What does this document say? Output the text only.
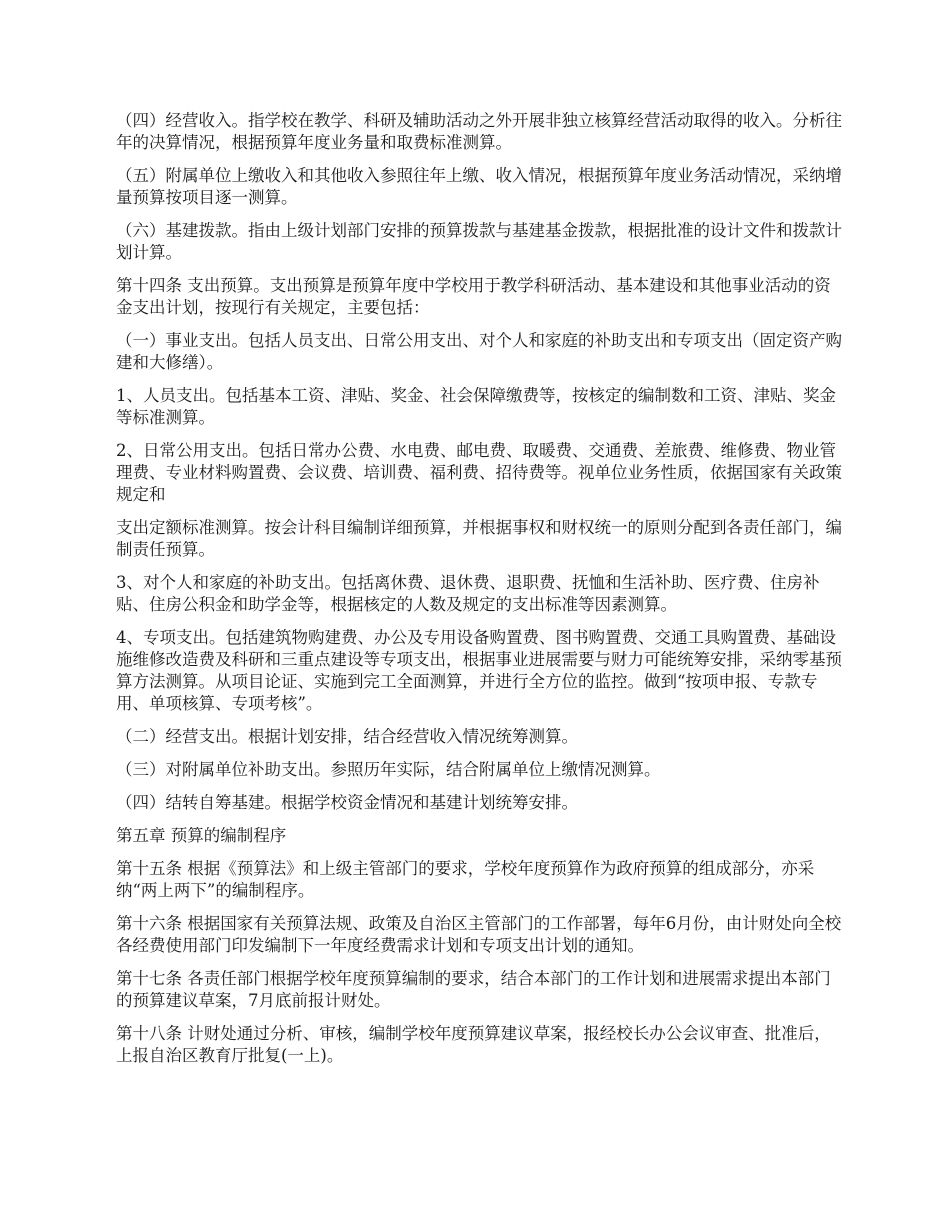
（四）经营收入。指学校在教学、科研及辅助活动之外开展非独立核算经营活动取得的收入。分析往年的决算情况，根据预算年度业务量和取费标准测算。

（五）附属单位上缴收入和其他收入参照往年上缴、收入情况，根据预算年度业务活动情况，采纳增量预算按项目逐一测算。

（六）基建拨款。指由上级计划部门安排的预算拨款与基建基金拨款，根据批准的设计文件和拨款计划计算。

第十四条 支出预算。支出预算是预算年度中学校用于教学科研活动、基本建设和其他事业活动的资金支出计划，按现行有关规定，主要包括：

（一）事业支出。包括人员支出、日常公用支出、对个人和家庭的补助支出和专项支出（固定资产购建和大修缮）。

1、人员支出。包括基本工资、津贴、奖金、社会保障缴费等，按核定的编制数和工资、津贴、奖金等标准测算。

2、日常公用支出。包括日常办公费、水电费、邮电费、取暖费、交通费、差旅费、维修费、物业管理费、专业材料购置费、会议费、培训费、福利费、招待费等。视单位业务性质，依据国家有关政策规定和

支出定额标准测算。按会计科目编制详细预算，并根据事权和财权统一的原则分配到各责任部门，编制责任预算。

3、对个人和家庭的补助支出。包括离休费、退休费、退职费、抚恤和生活补助、医疗费、住房补贴、住房公积金和助学金等，根据核定的人数及规定的支出标准等因素测算。

4、专项支出。包括建筑物购建费、办公及专用设备购置费、图书购置费、交通工具购置费、基础设施维修改造费及科研和三重点建设等专项支出，根据事业进展需要与财力可能统筹安排，采纳零基预算方法测算。从项目论证、实施到完工全面测算，并进行全方位的监控。做到“按项申报、专款专用、单项核算、专项考核”。

（二）经营支出。根据计划安排，结合经营收入情况统筹测算。

（三）对附属单位补助支出。参照历年实际，结合附属单位上缴情况测算。

（四）结转自筹基建。根据学校资金情况和基建计划统筹安排。

第五章 预算的编制程序

第十五条 根据《预算法》和上级主管部门的要求，学校年度预算作为政府预算的组成部分，亦采纳“两上两下”的编制程序。

第十六条 根据国家有关预算法规、政策及自治区主管部门的工作部署，每年6月份，由计财处向全校各经费使用部门印发编制下一年度经费需求计划和专项支出计划的通知。

第十七条 各责任部门根据学校年度预算编制的要求，结合本部门的工作计划和进展需求提出本部门的预算建议草案，7月底前报计财处。

第十八条 计财处通过分析、审核，编制学校年度预算建议草案，报经校长办公会议审查、批准后，上报自治区教育厅批复(一上)。
